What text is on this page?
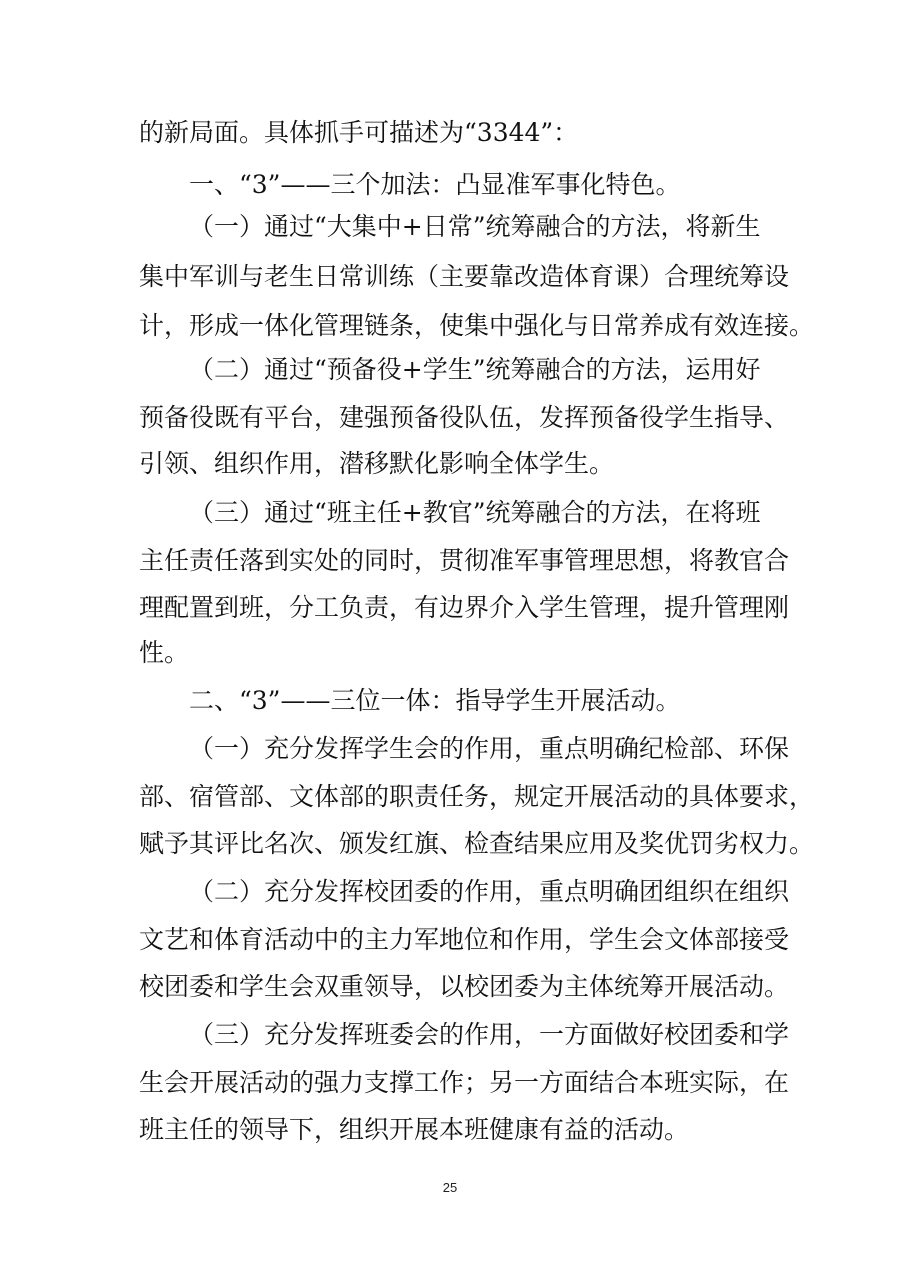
的新局面。具体抓手可描述为“3344”：

一、“3”——三个加法：凸显准军事化特色。

（一）通过“大集中+日常”统筹融合的方法，将新生

集中军训与老生日常训练（主要靠改造体育课）合理统筹设

计，形成一体化管理链条，使集中强化与日常养成有效连接。

（二）通过“预备役+学生”统筹融合的方法，运用好

预备役既有平台，建强预备役队伍，发挥预备役学生指导、

引领、组织作用，潜移默化影响全体学生。

（三）通过“班主任+教官”统筹融合的方法，在将班

主任责任落到实处的同时，贯彻准军事管理思想，将教官合

理配置到班，分工负责，有边界介入学生管理，提升管理刚

性。

二、“3”——三位一体：指导学生开展活动。

（一）充分发挥学生会的作用，重点明确纪检部、环保

部、宿管部、文体部的职责任务，规定开展活动的具体要求，

赋予其评比名次、颁发红旗、检查结果应用及奖优罚劣权力。

（二）充分发挥校团委的作用，重点明确团组织在组织

文艺和体育活动中的主力军地位和作用，学生会文体部接受

校团委和学生会双重领导，以校团委为主体统筹开展活动。

（三）充分发挥班委会的作用，一方面做好校团委和学

生会开展活动的强力支撑工作；另一方面结合本班实际，在

班主任的领导下，组织开展本班健康有益的活动。

25
